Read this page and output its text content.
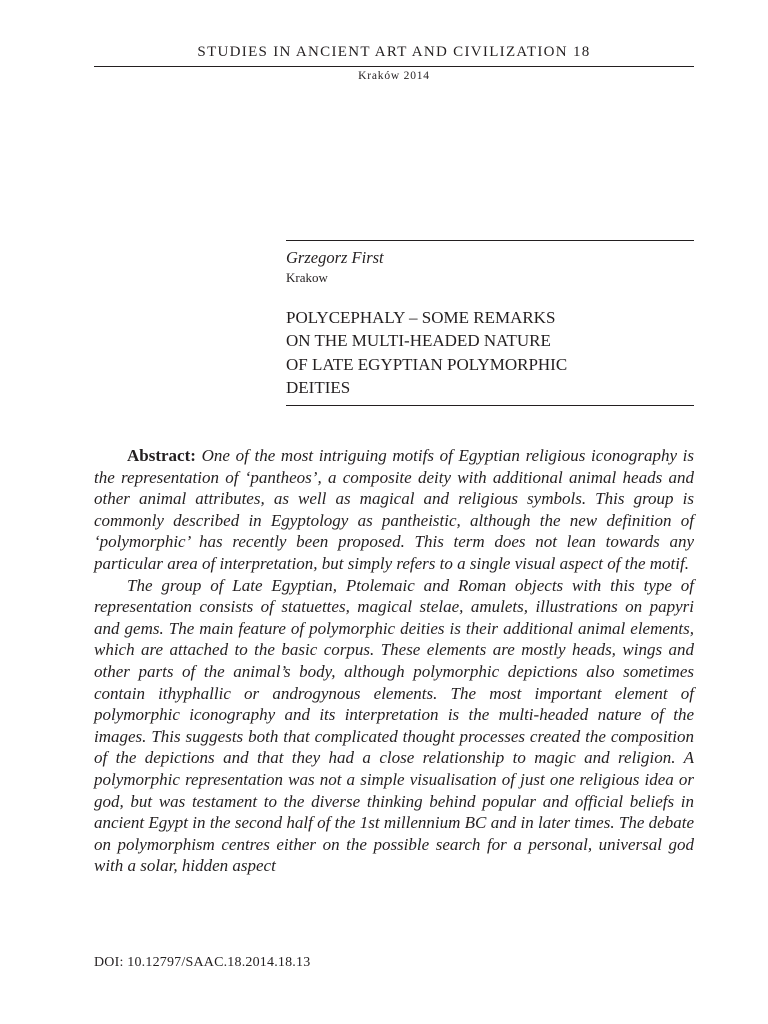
STUDIES IN ANCIENT ART AND CIVILIZATION 18
Kraków 2014
Grzegorz First
Krakow
POLYCEPHALY – SOME REMARKS
ON THE MULTI-HEADED NATURE
OF LATE EGYPTIAN POLYMORPHIC
DEITIES

Abstract: One of the most intriguing motifs of Egyptian religious iconography is the representation of ‘pantheos’, a composite deity with additional animal heads and other animal attributes, as well as magical and religious symbols. This group is commonly described in Egyptology as pantheistic, although the new definition of ‘polymorphic’ has recently been proposed. This term does not lean towards any particular area of interpretation, but simply refers to a single visual aspect of the motif.

The group of Late Egyptian, Ptolemaic and Roman objects with this type of representation consists of statuettes, magical stelae, amulets, illustrations on papyri and gems. The main feature of polymorphic deities is their additional animal elements, which are attached to the basic corpus. These elements are mostly heads, wings and other parts of the animal’s body, although polymorphic depictions also sometimes contain ithyphallic or androgynous elements. The most important element of polymorphic iconography and its interpretation is the multi-headed nature of the images. This suggests both that complicated thought processes created the composition of the depictions and that they had a close relationship to magic and religion. A polymorphic representation was not a simple visualisation of just one religious idea or god, but was testament to the diverse thinking behind popular and official beliefs in ancient Egypt in the second half of the 1st millennium BC and in later times. The debate on polymorphism centres either on the possible search for a personal, universal god with a solar, hidden aspect

DOI: 10.12797/SAAC.18.2014.18.13
